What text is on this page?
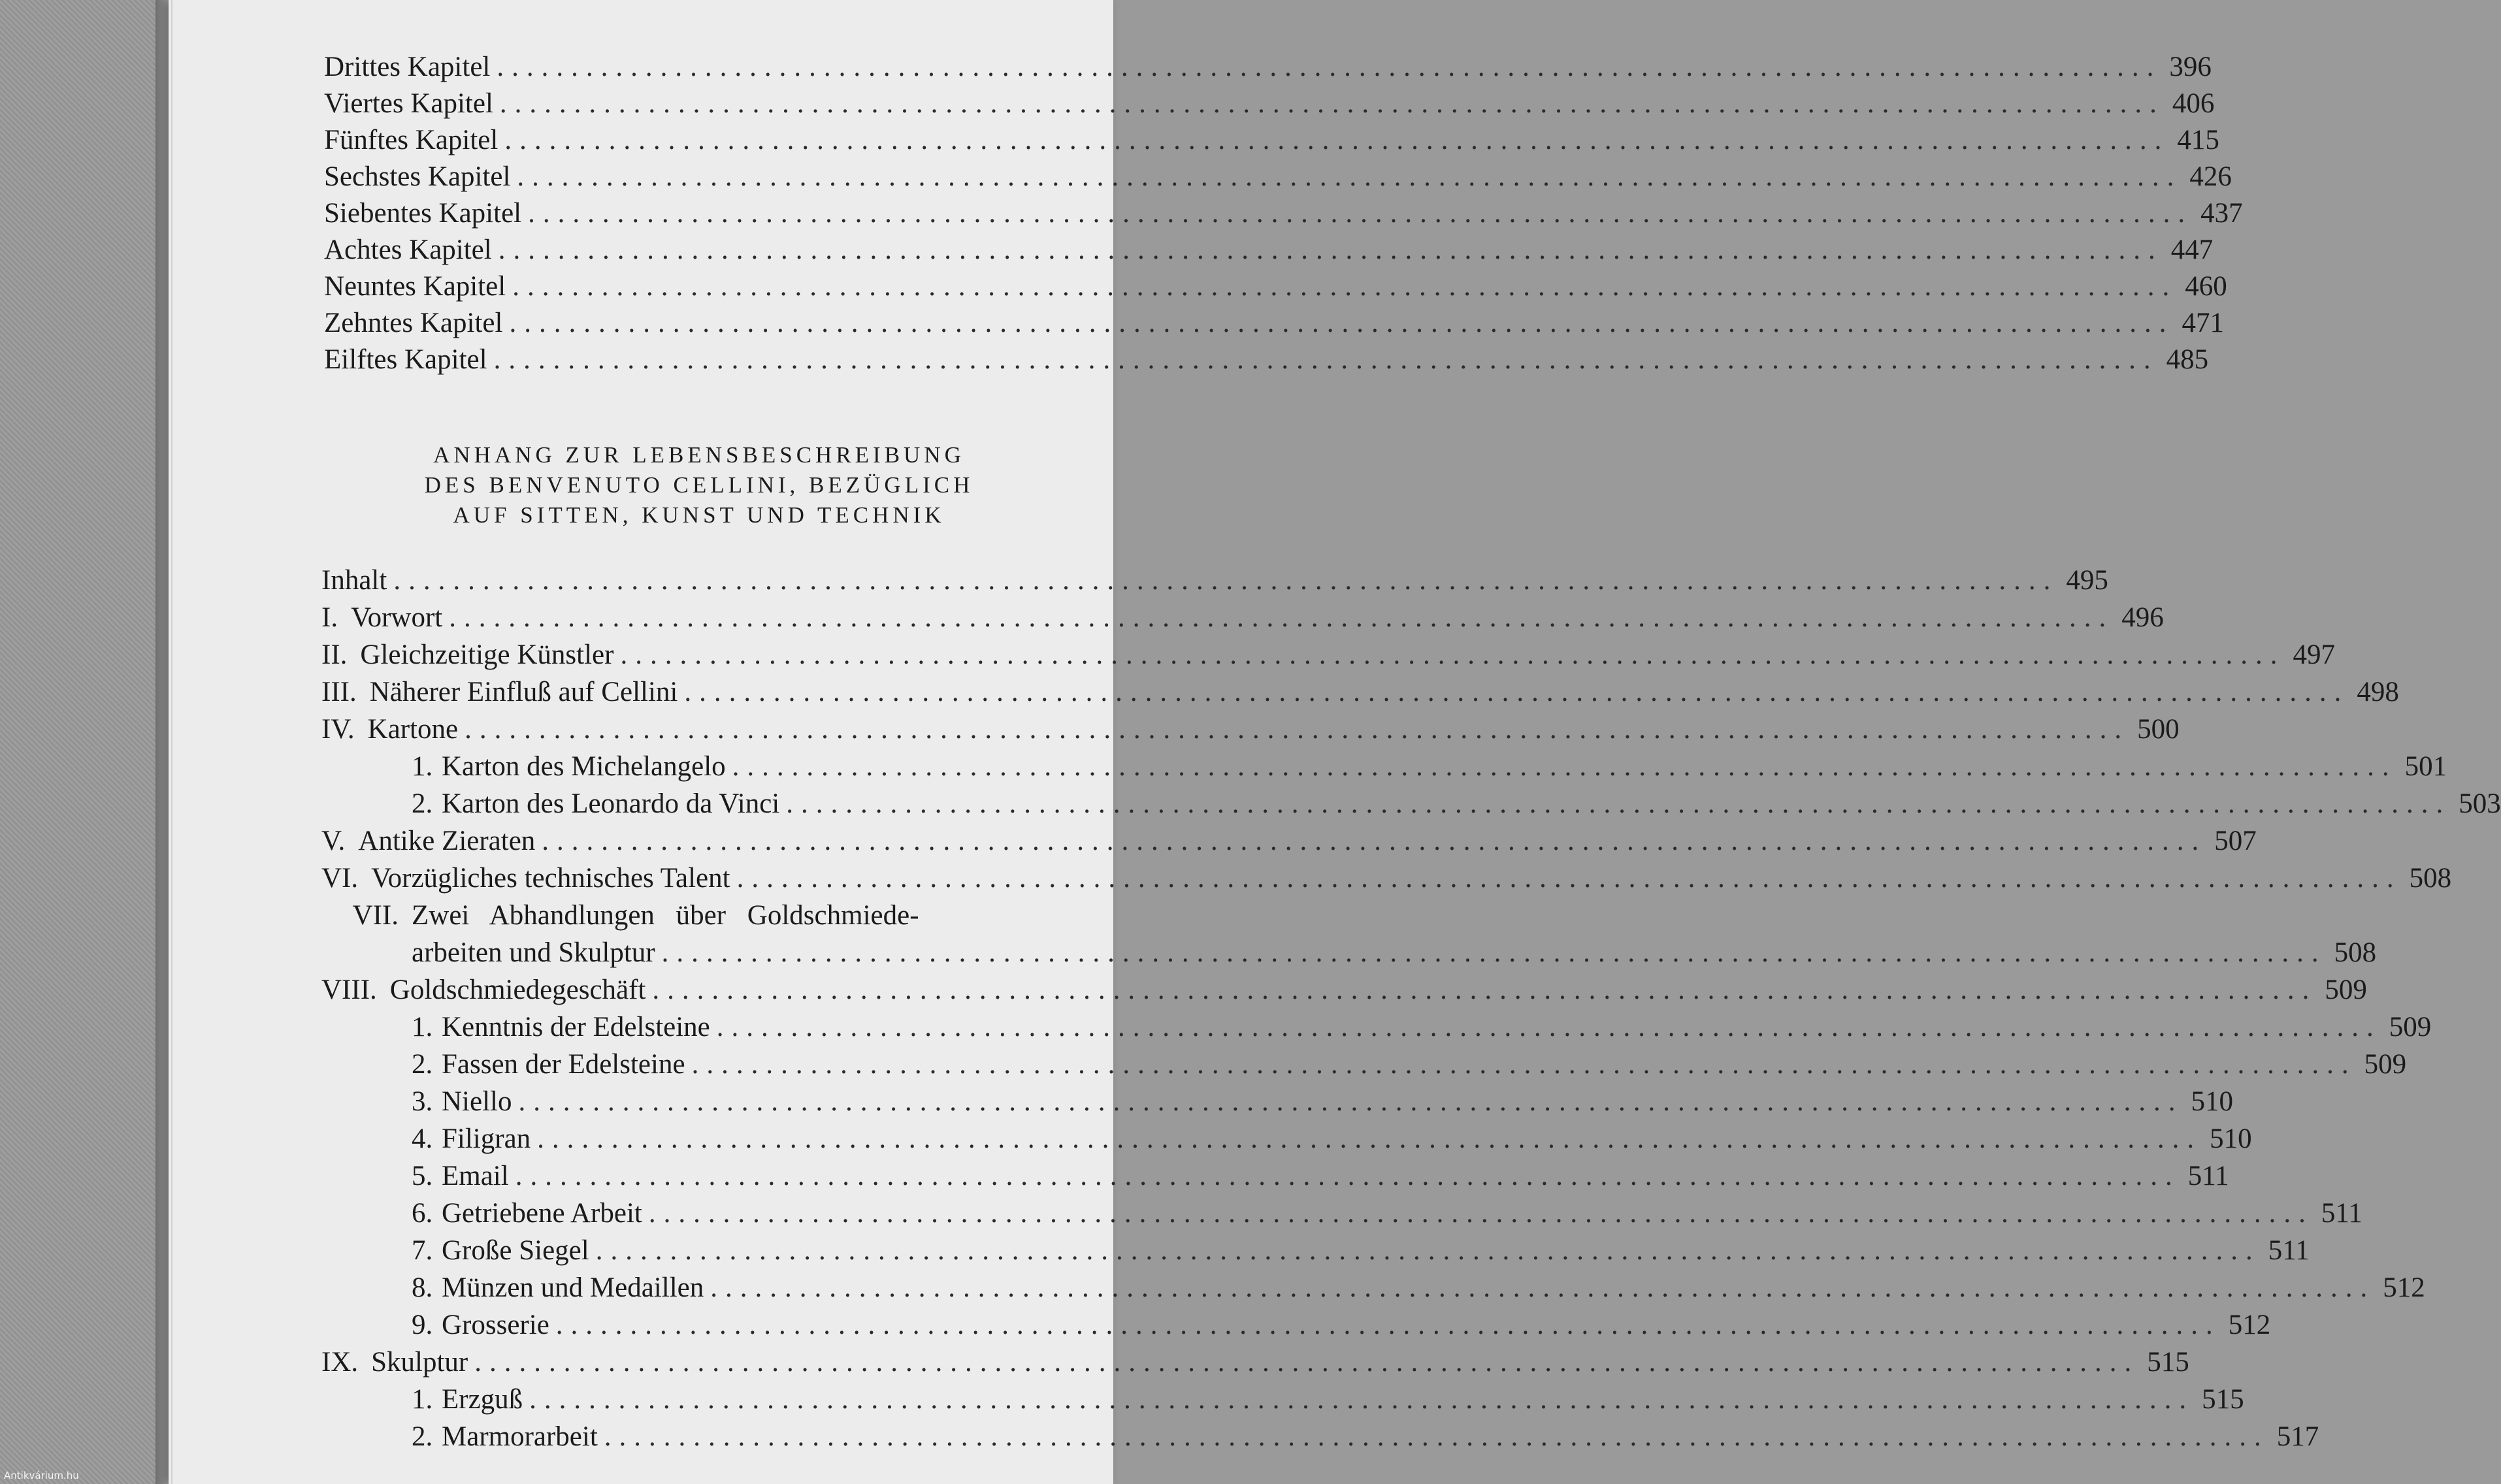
Drittes Kapitel ................................................................................................................ 396
Viertes Kapitel ................................................................................................................ 406
Fünftes Kapitel ................................................................................................................ 415
Sechstes Kapitel ................................................................................................................ 426
Siebentes Kapitel ................................................................................................................ 437
Achtes Kapitel ................................................................................................................ 447
Neuntes Kapitel ................................................................................................................ 460
Zehntes Kapitel ................................................................................................................ 471
Eilftes Kapitel ................................................................................................................ 485
ANHANG ZUR LEBENSBESCHREIBUNG
DES BENVENUTO CELLINI, BEZÜGLICH
AUF SITTEN, KUNST UND TECHNIK
Inhalt ................................................................................................................ 495
I. Vorwort ................................................................................................................ 496
II. Gleichzeitige Künstler ................................................................................................................ 497
III. Näherer Einfluß auf Cellini ................................................................................................................ 498
IV. Kartone ................................................................................................................ 500
1. Karton des Michelangelo ................................................................................................................ 501
2. Karton des Leonardo da Vinci ................................................................................................................ 503
V. Antike Zieraten ................................................................................................................ 507
VI. Vorzügliches technisches Talent ................................................................................................................ 508
VII. Zwei Abhandlungen über Goldschmiede-
arbeiten und Skulptur ................................................................................................................ 508
VIII. Goldschmiedegeschäft ................................................................................................................ 509
1. Kenntnis der Edelsteine ................................................................................................................ 509
2. Fassen der Edelsteine ................................................................................................................ 509
3. Niello ................................................................................................................ 510
4. Filigran ................................................................................................................ 510
5. Email ................................................................................................................ 511
6. Getriebene Arbeit ................................................................................................................ 511
7. Große Siegel ................................................................................................................ 511
8. Münzen und Medaillen ................................................................................................................ 512
9. Grosserie ................................................................................................................ 512
IX. Skulptur ................................................................................................................ 515
1. Erzguß ................................................................................................................ 515
2. Marmorarbeit ................................................................................................................ 517
Antikvárium.hu
